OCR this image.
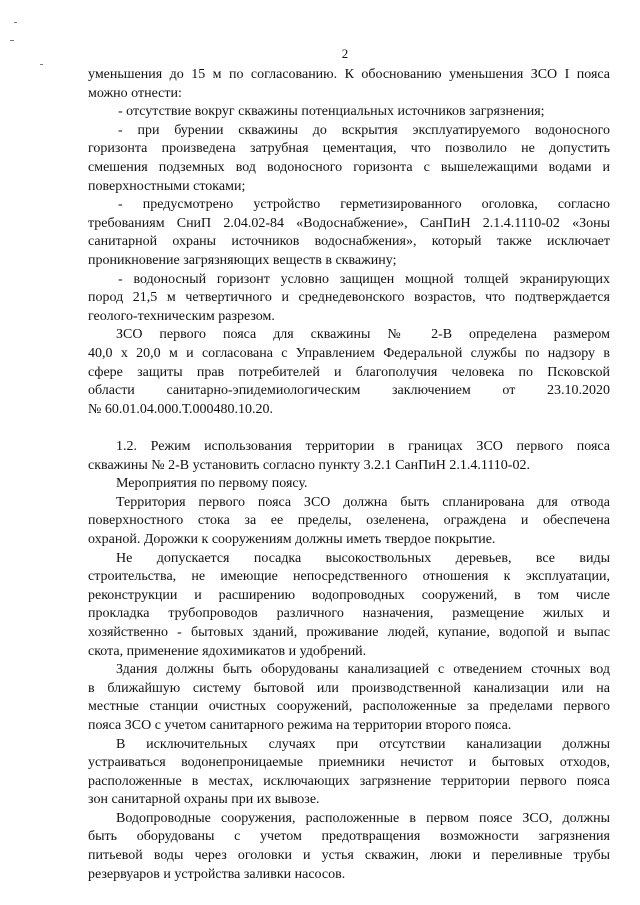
2
уменьшения до 15 м по согласованию. К обоснованию уменьшения ЗСО I пояса
можно отнести:
- отсутствие вокруг скважины потенциальных источников загрязнения;
- при бурении скважины до вскрытия эксплуатируемого водоносного
горизонта произведена затрубная цементация, что позволило не допустить
смешения подземных вод водоносного горизонта с вышележащими водами и
поверхностными стоками;
- предусмотрено устройство герметизированного оголовка, согласно
требованиям СниП 2.04.02-84 «Водоснабжение», СанПиН 2.1.4.1110-02 «Зоны
санитарной охраны источников водоснабжения», который также исключает
проникновение загрязняющих веществ в скважину;
- водоносный горизонт условно защищен мощной толщей экранирующих
пород 21,5 м четвертичного и среднедевонского возрастов, что подтверждается
геолого-техническим разрезом.
ЗСО первого пояса для скважины № 2-В определена размером
40,0 х 20,0 м и согласована с Управлением Федеральной службы по надзору в
сфере защиты прав потребителей и благополучия человека по Псковской
области санитарно-эпидемиологическим заключением от 23.10.2020
№ 60.01.04.000.Т.000480.10.20.
1.2. Режим использования территории в границах ЗСО первого пояса
скважины № 2-В установить согласно пункту 3.2.1 СанПиН 2.1.4.1110-02.
Мероприятия по первому поясу.
Территория первого пояса ЗСО должна быть спланирована для отвода
поверхностного стока за ее пределы, озеленена, ограждена и обеспечена
охраной. Дорожки к сооружениям должны иметь твердое покрытие.
Не допускается посадка высокоствольных деревьев, все виды
строительства, не имеющие непосредственного отношения к эксплуатации,
реконструкции и расширению водопроводных сооружений, в том числе
прокладка трубопроводов различного назначения, размещение жилых и
хозяйственно - бытовых зданий, проживание людей, купание, водопой и выпас
скота, применение ядохимикатов и удобрений.
Здания должны быть оборудованы канализацией с отведением сточных вод
в ближайшую систему бытовой или производственной канализации или на
местные станции очистных сооружений, расположенные за пределами первого
пояса ЗСО с учетом санитарного режима на территории второго пояса.
В исключительных случаях при отсутствии канализации должны
устраиваться водонепроницаемые приемники нечистот и бытовых отходов,
расположенные в местах, исключающих загрязнение территории первого пояса
зон санитарной охраны при их вывозе.
Водопроводные сооружения, расположенные в первом поясе ЗСО, должны
быть оборудованы с учетом предотвращения возможности загрязнения
питьевой воды через оголовки и устья скважин, люки и переливные трубы
резервуаров и устройства заливки насосов.
